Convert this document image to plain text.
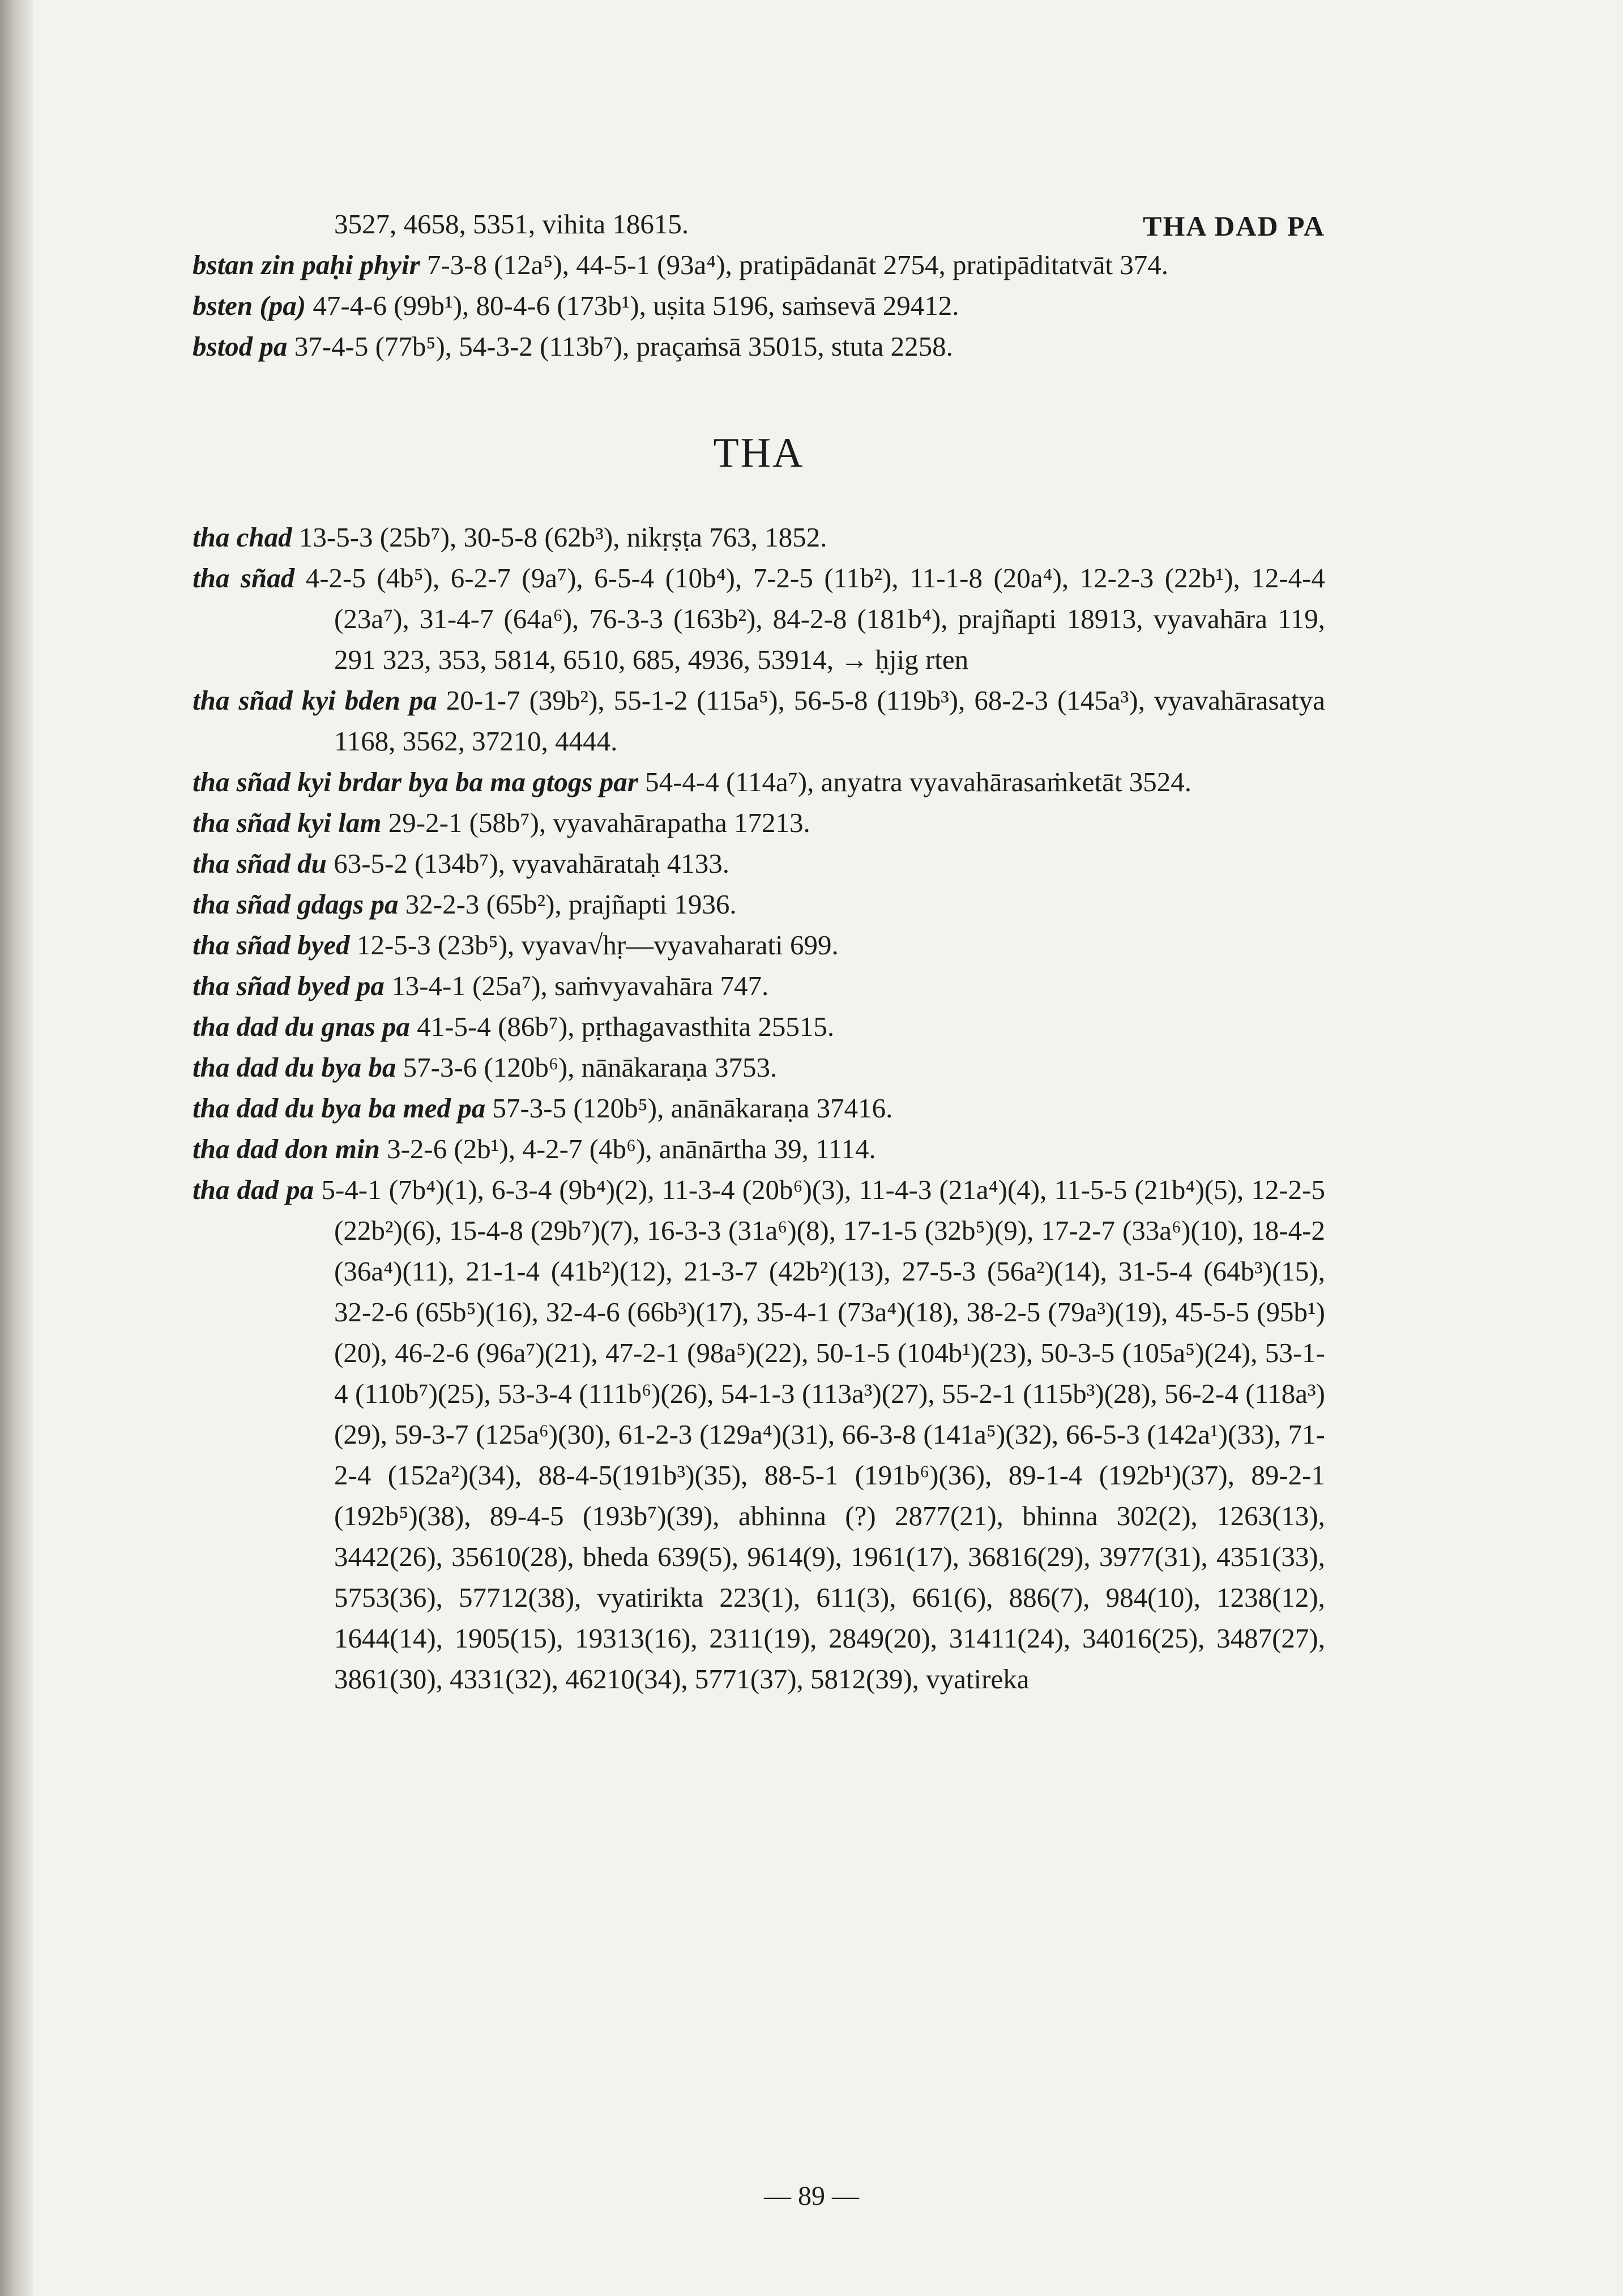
THA DAD PA

3527, 4658, 5351, vihita 18615.

bstan zin paḥi phyir 7-3-8 (12a⁵), 44-5-1 (93a⁴), pratipādanāt 2754, pratipāditatvāt 374.

bsten (pa) 47-4-6 (99b¹), 80-4-6 (173b¹), uṣita 5196, saṁsevā 29412.

bstod pa 37-4-5 (77b⁵), 54-3-2 (113b⁷), praçaṁsā 35015, stuta 2258.

THA

tha chad 13-5-3 (25b⁷), 30-5-8 (62b³), nikṛṣṭa 763, 1852.

tha sñad 4-2-5 (4b⁵), 6-2-7 (9a⁷), 6-5-4 (10b⁴), 7-2-5 (11b²), 11-1-8 (20a⁴), 12-2-3 (22b¹), 12-4-4 (23a⁷), 31-4-7 (64a⁶), 76-3-3 (163b²), 84-2-8 (181b⁴), prajñapti 18913, vyavahāra 119, 291 323, 353, 5814, 6510, 685, 4936, 53914, → ḥjig rten

tha sñad kyi bden pa 20-1-7 (39b²), 55-1-2 (115a⁵), 56-5-8 (119b³), 68-2-3 (145a³), vyavahārasatya 1168, 3562, 37210, 4444.

tha sñad kyi brdar bya ba ma gtogs par 54-4-4 (114a⁷), anyatra vyavahārasaṁketāt 3524.

tha sñad kyi lam 29-2-1 (58b⁷), vyavahārapatha 17213.

tha sñad du 63-5-2 (134b⁷), vyavahārataḥ 4133.

tha sñad gdags pa 32-2-3 (65b²), prajñapti 1936.

tha sñad byed 12-5-3 (23b⁵), vyava√hṛ—vyavaharati 699.

tha sñad byed pa 13-4-1 (25a⁷), saṁvyavahāra 747.

tha dad du gnas pa 41-5-4 (86b⁷), pṛthagavasthita 25515.

tha dad du bya ba 57-3-6 (120b⁶), nānākaraṇa 3753.

tha dad du bya ba med pa 57-3-5 (120b⁵), anānākaraṇa 37416.

tha dad don min 3-2-6 (2b¹), 4-2-7 (4b⁶), anānārtha 39, 1114.

tha dad pa 5-4-1 (7b⁴)(1), 6-3-4 (9b⁴)(2), 11-3-4 (20b⁶)(3), 11-4-3 (21a⁴)(4), 11-5-5 (21b⁴)(5), 12-2-5 (22b²)(6), 15-4-8 (29b⁷)(7), 16-3-3 (31a⁶)(8), 17-1-5 (32b⁵)(9), 17-2-7 (33a⁶)(10), 18-4-2 (36a⁴)(11), 21-1-4 (41b²)(12), 21-3-7 (42b²)(13), 27-5-3 (56a²)(14), 31-5-4 (64b³)(15), 32-2-6 (65b⁵)(16), 32-4-6 (66b³)(17), 35-4-1 (73a⁴)(18), 38-2-5 (79a³)(19), 45-5-5 (95b¹)(20), 46-2-6 (96a⁷)(21), 47-2-1 (98a⁵)(22), 50-1-5 (104b¹)(23), 50-3-5 (105a⁵)(24), 53-1-4 (110b⁷)(25), 53-3-4 (111b⁶)(26), 54-1-3 (113a³)(27), 55-2-1 (115b³)(28), 56-2-4 (118a³)(29), 59-3-7 (125a⁶)(30), 61-2-3 (129a⁴)(31), 66-3-8 (141a⁵)(32), 66-5-3 (142a¹)(33), 71-2-4 (152a²)(34), 88-4-5(191b³)(35), 88-5-1 (191b⁶)(36), 89-1-4 (192b¹)(37), 89-2-1 (192b⁵)(38), 89-4-5 (193b⁷)(39), abhinna (?) 2877(21), bhinna 302(2), 1263(13), 3442(26), 35610(28), bheda 639(5), 9614(9), 1961(17), 36816(29), 3977(31), 4351(33), 5753(36), 57712(38), vyatirikta 223(1), 611(3), 661(6), 886(7), 984(10), 1238(12), 1644(14), 1905(15), 19313(16), 2311(19), 2849(20), 31411(24), 34016(25), 3487(27), 3861(30), 4331(32), 46210(34), 5771(37), 5812(39), vyatireka

— 89 —
